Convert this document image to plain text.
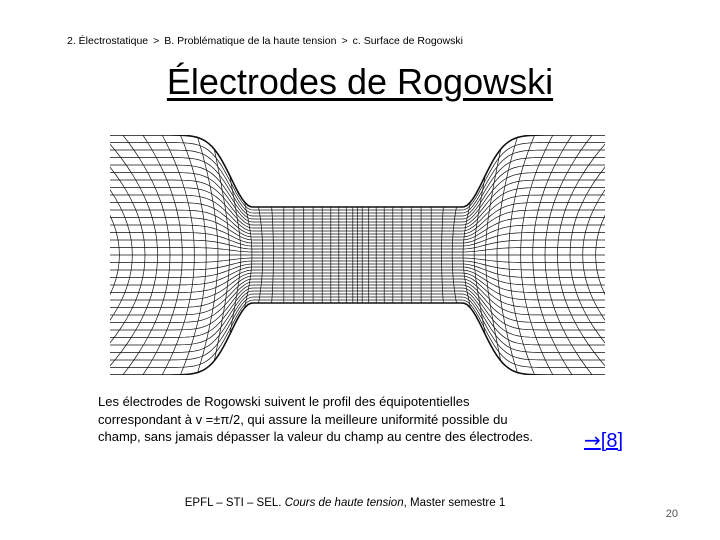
2. Électrostatique > B. Problématique de la haute tension > c. Surface de Rogowski
Électrodes de Rogowski

Les électrodes de Rogowski suivent le profil des équipotentielles correspondant à v =±π/2, qui assure la meilleure uniformité possible du champ, sans jamais dépasser la valeur du champ au centre des électrodes.	→[8]
EPFL – STI – SEL. Cours de haute tension, Master semestre 1
20
